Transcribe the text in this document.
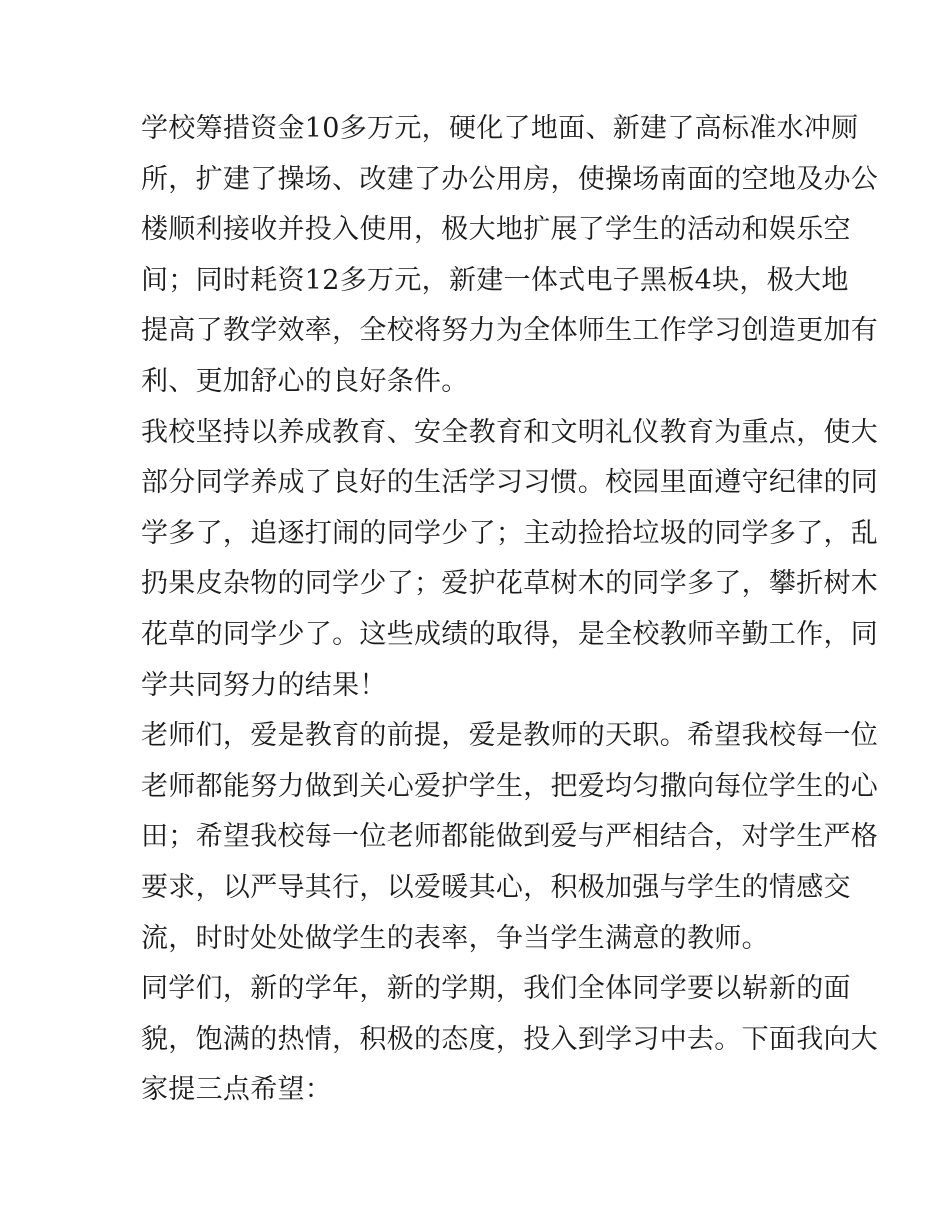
学校筹措资金10多万元，硬化了地面、新建了高标准水冲厕
所，扩建了操场、改建了办公用房，使操场南面的空地及办公
楼顺利接收并投入使用，极大地扩展了学生的活动和娱乐空
间；同时耗资12多万元，新建一体式电子黑板4块，极大地
提高了教学效率，全校将努力为全体师生工作学习创造更加有
利、更加舒心的良好条件。
我校坚持以养成教育、安全教育和文明礼仪教育为重点，使大
部分同学养成了良好的生活学习习惯。校园里面遵守纪律的同
学多了，追逐打闹的同学少了；主动捡拾垃圾的同学多了，乱
扔果皮杂物的同学少了；爱护花草树木的同学多了，攀折树木
花草的同学少了。这些成绩的取得，是全校教师辛勤工作，同
学共同努力的结果！
老师们，爱是教育的前提，爱是教师的天职。希望我校每一位
老师都能努力做到关心爱护学生，把爱均匀撒向每位学生的心
田；希望我校每一位老师都能做到爱与严相结合，对学生严格
要求，以严导其行，以爱暖其心，积极加强与学生的情感交
流，时时处处做学生的表率，争当学生满意的教师。
同学们，新的学年，新的学期，我们全体同学要以崭新的面
貌，饱满的热情，积极的态度，投入到学习中去。下面我向大
家提三点希望：
